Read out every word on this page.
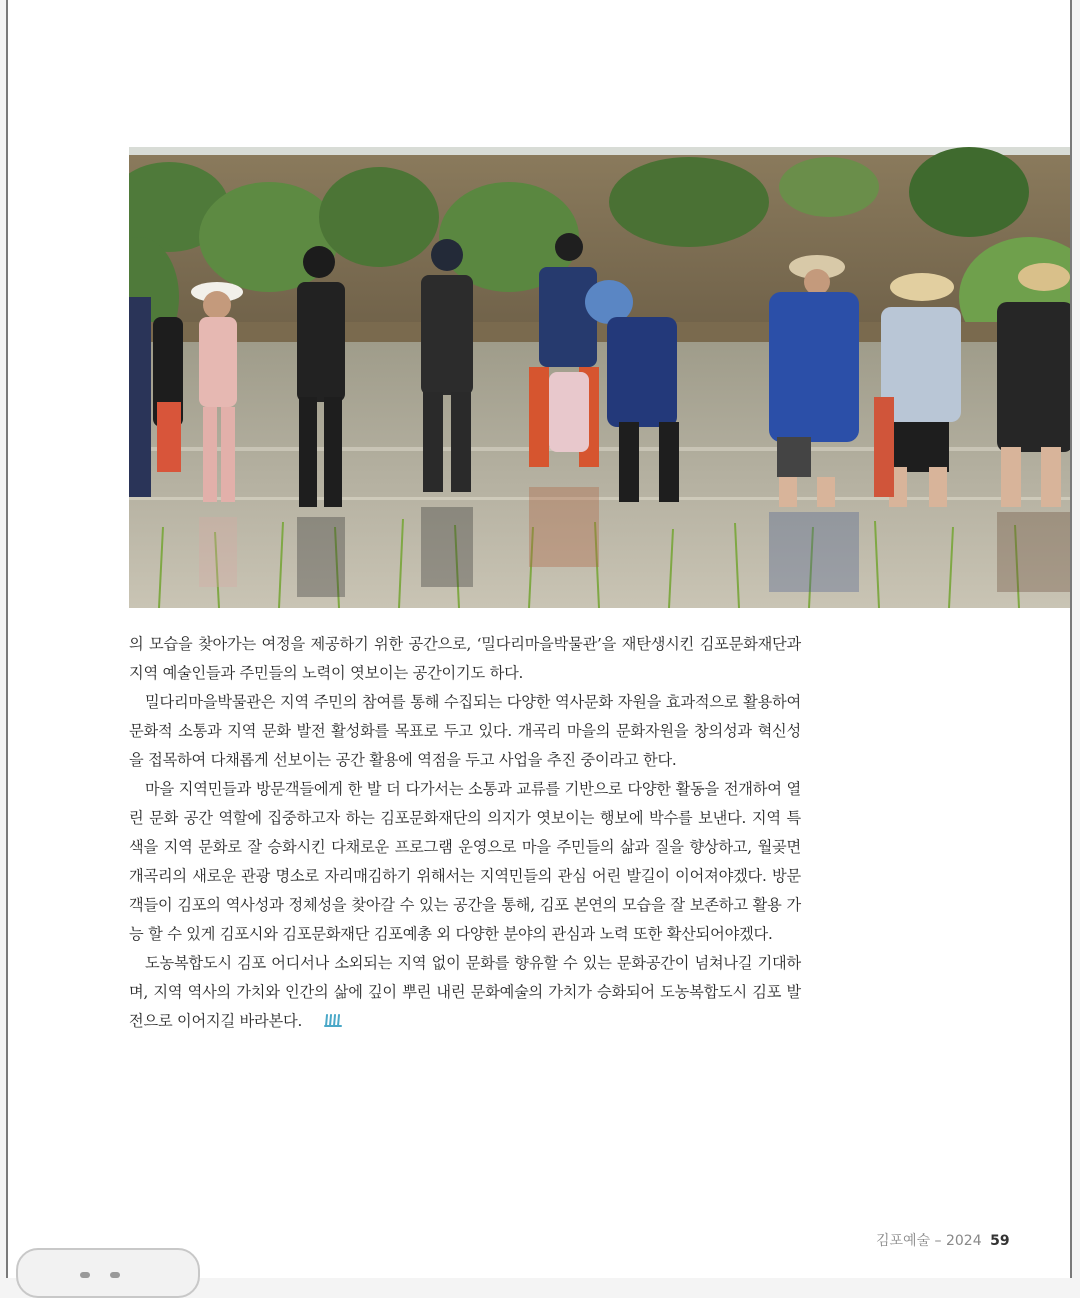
의 모습을 찾아가는 여정을 제공하기 위한 공간으로, ‘밀다리마을박물관’을 재탄생시킨 김포문화재단과 지역 예술인들과 주민들의 노력이 엿보이는 공간이기도 하다.

밀다리마을박물관은 지역 주민의 참여를 통해 수집되는 다양한 역사문화 자원을 효과적으로 활용하여 문화적 소통과 지역 문화 발전 활성화를 목표로 두고 있다. 개곡리 마을의 문화자원을 창의성과 혁신성을 접목하여 다채롭게 선보이는 공간 활용에 역점을 두고 사업을 추진 중이라고 한다.

마을 지역민들과 방문객들에게 한 발 더 다가서는 소통과 교류를 기반으로 다양한 활동을 전개하여 열린 문화 공간 역할에 집중하고자 하는 김포문화재단의 의지가 엿보이는 행보에 박수를 보낸다. 지역 특색을 지역 문화로 잘 승화시킨 다채로운 프로그램 운영으로 마을 주민들의 삶과 질을 향상하고, 월곶면 개곡리의 새로운 관광 명소로 자리매김하기 위해서는 지역민들의 관심 어린 발길이 이어져야겠다. 방문객들이 김포의 역사성과 정체성을 찾아갈 수 있는 공간을 통해, 김포 본연의 모습을 잘 보존하고 활용 가능 할 수 있게 김포시와 김포문화재단 김포예총 외 다양한 분야의 관심과 노력 또한 확산되어야겠다.

도농복합도시 김포 어디서나 소외되는 지역 없이 문화를 향유할 수 있는 문화공간이 넘쳐나길 기대하며, 지역 역사의 가치와 인간의 삶에 깊이 뿌린 내린 문화예술의 가치가 승화되어 도농복합도시 김포 발전으로 이어지길 바라본다.

김포예술 – 2024 59
